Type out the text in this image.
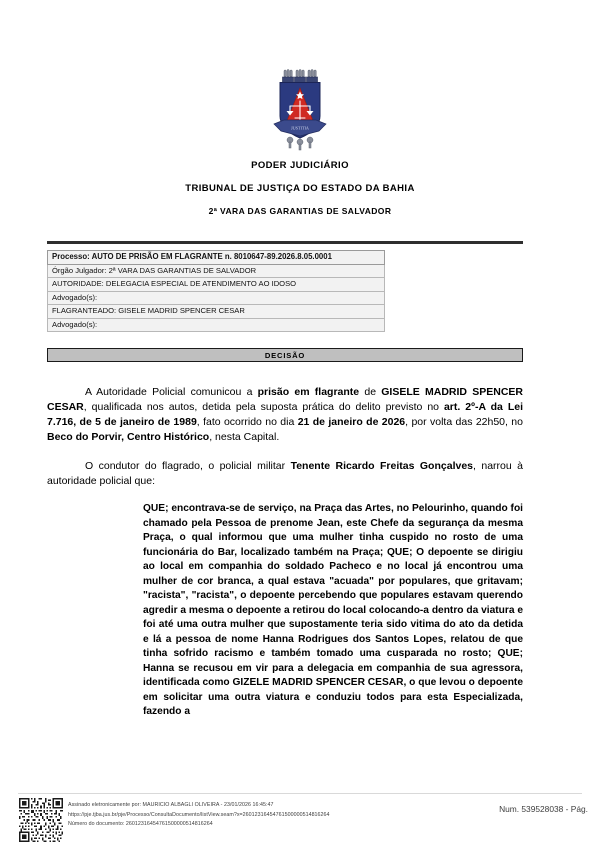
JUSTITIA
PODER JUDICIÁRIO
TRIBUNAL DE JUSTIÇA DO ESTADO DA BAHIA
2ª VARA DAS GARANTIAS DE SALVADOR
Processo: AUTO DE PRISÃO EM FLAGRANTE n. 8010647-89.2026.8.05.0001
Órgão Julgador: 2ª VARA DAS GARANTIAS DE SALVADOR
AUTORIDADE: DELEGACIA ESPECIAL DE ATENDIMENTO AO IDOSO
Advogado(s):
FLAGRANTEADO: GISELE MADRID SPENCER CESAR
Advogado(s):
DECISÃO

A Autoridade Policial comunicou a prisão em flagrante de GISELE MADRID SPENCER CESAR, qualificada nos autos, detida pela suposta prática do delito previsto no art. 2º-A da Lei 7.716, de 5 de janeiro de 1989, fato ocorrido no dia 21 de janeiro de 2026, por volta das 22h50, no Beco do Porvir, Centro Histórico, nesta Capital.

O condutor do flagrado, o policial militar Tenente Ricardo Freitas Gonçalves, narrou à autoridade policial que:

QUE; encontrava-se de serviço, na Praça das Artes, no Pelourinho, quando foi chamado pela Pessoa de prenome Jean, este Chefe da segurança da mesma Praça, o qual informou que uma mulher tinha cuspido no rosto de uma funcionária do Bar, localizado também na Praça; QUE; O depoente se dirigiu ao local em companhia do soldado Pacheco e no local já encontrou uma mulher de cor branca, a qual estava "acuada" por populares, que gritavam; "racista", "racista", o depoente percebendo que populares estavam querendo agredir a mesma o depoente a retirou do local colocando-a dentro da viatura e foi até uma outra mulher que supostamente teria sido vitima do ato da detida e lá a pessoa de nome Hanna Rodrigues dos Santos Lopes, relatou de que tinha sofrido racismo e também tomado uma cusparada no rosto; QUE; Hanna se recusou em vir para a delegacia em companhia de sua agressora, identificada como GIZELE MADRID SPENCER CESAR, o que levou o depoente em solicitar uma outra viatura e conduziu todos para esta Especializada, fazendo a

Assinado eletronicamente por: MAURICIO ALBAGLI OLIVEIRA - 23/01/2026 16:45:47
https://pje.tjba.jus.br/pje/Processo/ConsultaDocumento/listView.seam?x=26012316454761500000514816264
Número do documento: 26012316454761500000514816264
Num. 539528038 - Pág.
